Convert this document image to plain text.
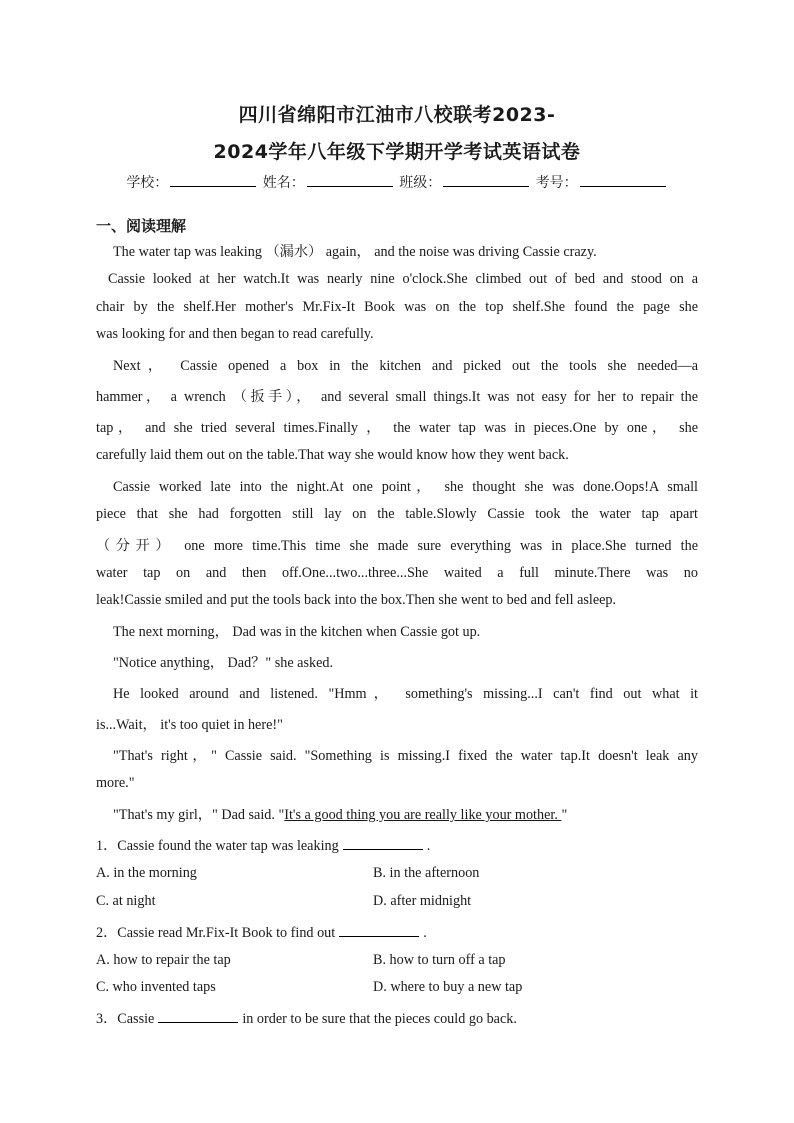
四川省绵阳市江油市八校联考2023-
2024学年八年级下学期开学考试英语试卷
学校：	姓名：	班级：	考号：
一、阅读理解
The water tap was leaking （漏水） again， and the noise was driving Cassie crazy.
Cassie looked at her watch.It was nearly nine o'clock.She climbed out of bed and stood on a
chair by the shelf.Her mother's Mr.Fix-It Book was on the top shelf.She found the page she
was looking for and then began to read carefully.
Next， Cassie opened a box in the kitchen and picked out the tools she needed—a
hammer， a wrench （扳手）， and several small things.It was not easy for her to repair the
tap， and she tried several times.Finally ， the water tap was in pieces.One by one， she
carefully laid them out on the table.That way she would know how they went back.
Cassie worked late into the night.At one point， she thought she was done.Oops!A small
piece that she had forgotten still lay on the table.Slowly Cassie took the water tap apart
（分开） one more time.This time she made sure everything was in place.She turned the
water tap on and then off.One...two...three...She waited a full minute.There was no
leak!Cassie smiled and put the tools back into the box.Then she went to bed and fell asleep.
The next morning， Dad was in the kitchen when Cassie got up.
"Notice anything， Dad？" she asked.
He looked around and listened. "Hmm， something's missing...I can't find out what it
is...Wait， it's too quiet in here!"
"That's right，" Cassie said. "Something is missing.I fixed the water tap.It doesn't leak any
more."
"That's my girl，" Dad said. "It's a good thing you are really like your mother. "
1．Cassie found the water tap was leaking	.
A. in the morning	B. in the afternoon
C. at night	D. after midnight
2．Cassie read Mr.Fix-It Book to find out	.
A. how to repair the tap	B. how to turn off a tap
C. who invented taps	D. where to buy a new tap
3．Cassie	in order to be sure that the pieces could go back.
